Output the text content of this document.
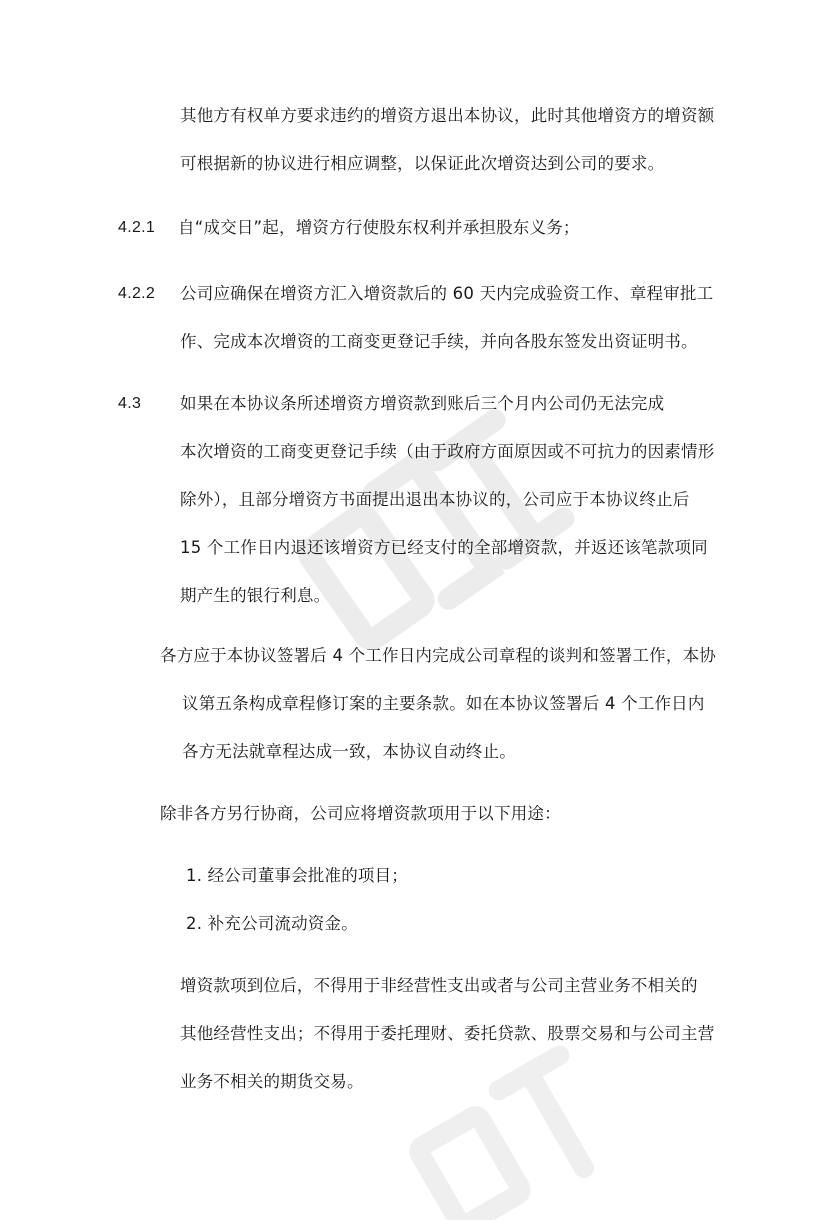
其他方有权单方要求违约的增资方退出本协议，此时其他增资方的增资额
可根据新的协议进行相应调整，以保证此次增资达到公司的要求。
4.2.1 自“成交日”起，增资方行使股东权利并承担股东义务；
4.2.2 公司应确保在增资方汇入增资款后的 60 天内完成验资工作、章程审批工
作、完成本次增资的工商变更登记手续，并向各股东签发出资证明书。
4.3 如果在本协议条所述增资方增资款到账后三个月内公司仍无法完成
本次增资的工商变更登记手续（由于政府方面原因或不可抗力的因素情形
除外），且部分增资方书面提出退出本协议的，公司应于本协议终止后
15 个工作日内退还该增资方已经支付的全部增资款，并返还该笔款项同
期产生的银行利息。
各方应于本协议签署后 4 个工作日内完成公司章程的谈判和签署工作，本协
议第五条构成章程修订案的主要条款。如在本协议签署后 4 个工作日内
各方无法就章程达成一致，本协议自动终止。
除非各方另行协商，公司应将增资款项用于以下用途：
1. 经公司董事会批准的项目；
2. 补充公司流动资金。
增资款项到位后，不得用于非经营性支出或者与公司主营业务不相关的
其他经营性支出；不得用于委托理财、委托贷款、股票交易和与公司主营
业务不相关的期货交易。
